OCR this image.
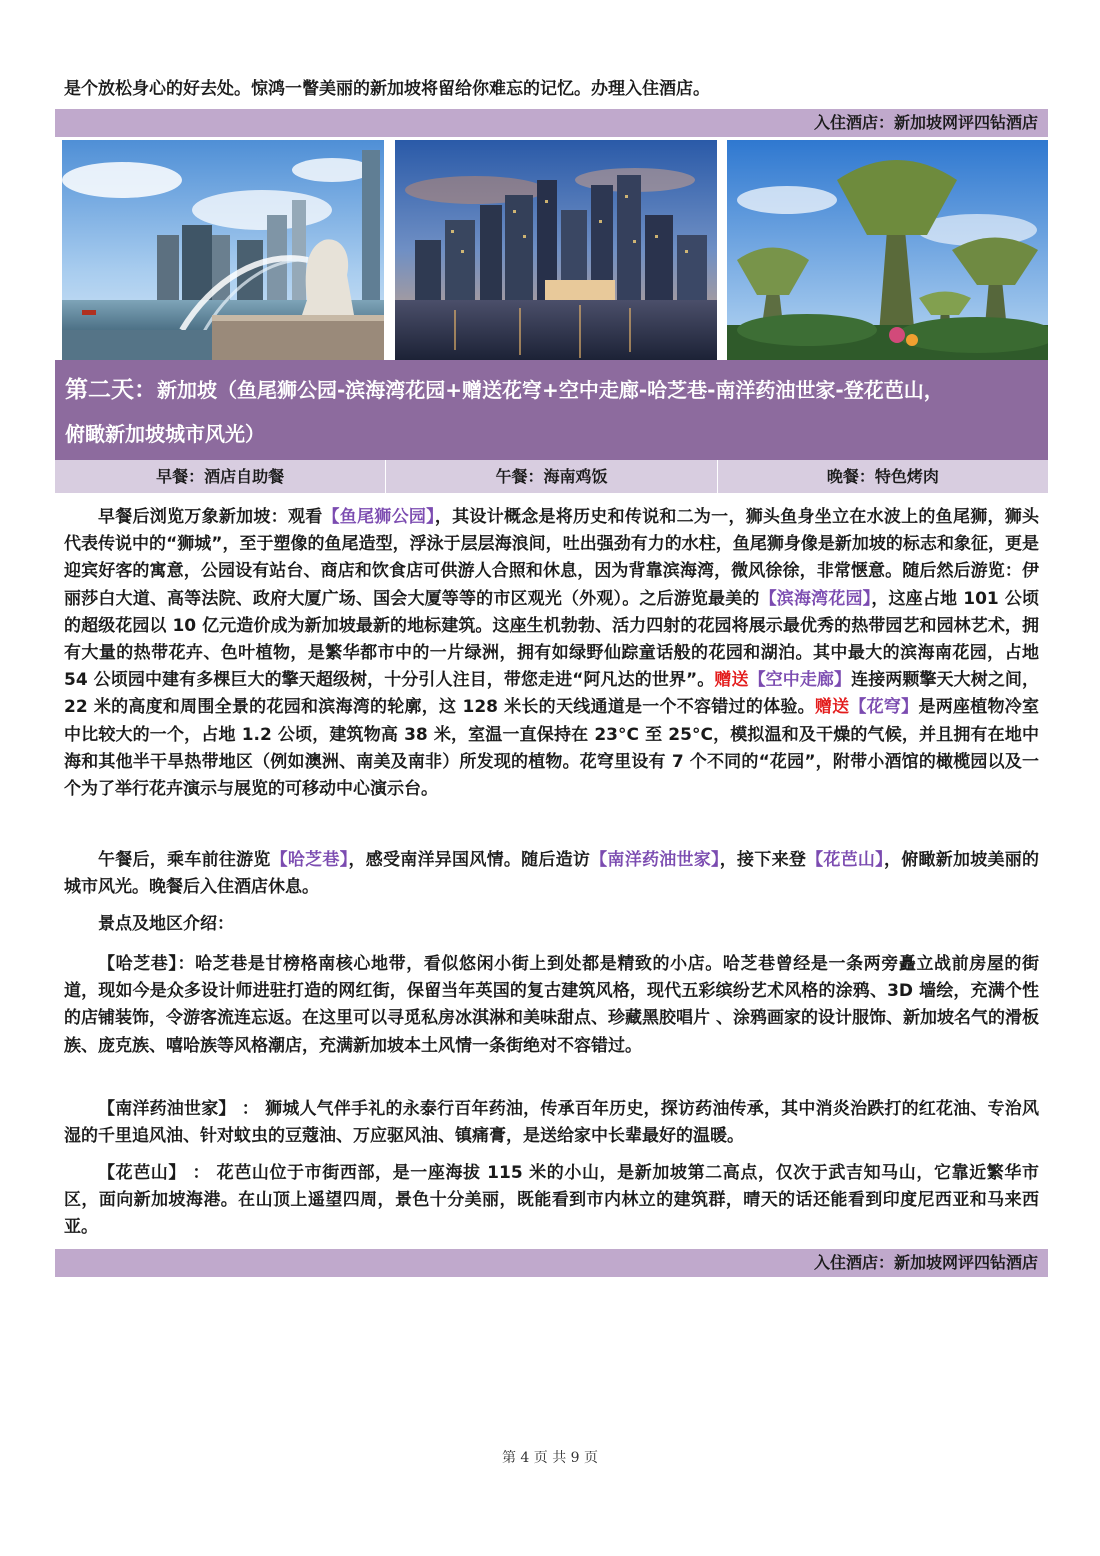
是个放松身心的好去处。惊鸿一瞥美丽的新加坡将留给你难忘的记忆。办理入住酒店。
入住酒店：新加坡网评四钻酒店
第二天：新加坡（鱼尾狮公园-滨海湾花园+赠送花穹+空中走廊-哈芝巷-南洋药油世家-登花芭山，
俯瞰新加坡城市风光）
早餐：酒店自助餐	午餐：海南鸡饭	晚餐：特色烤肉

早餐后浏览万象新加坡：观看【鱼尾狮公园】，其设计概念是将历史和传说和二为一，狮头鱼身坐立在水波上的鱼尾狮，狮头代表传说中的“狮城”，至于塑像的鱼尾造型，浮泳于层层海浪间，吐出强劲有力的水柱，鱼尾狮身像是新加坡的标志和象征，更是迎宾好客的寓意，公园设有站台、商店和饮食店可供游人合照和休息，因为背靠滨海湾，微风徐徐，非常惬意。随后然后游览：伊丽莎白大道、高等法院、政府大厦广场、国会大厦等等的市区观光（外观）。之后游览最美的【滨海湾花园】，这座占地 101 公顷的超级花园以 10 亿元造价成为新加坡最新的地标建筑。这座生机勃勃、活力四射的花园将展示最优秀的热带园艺和园林艺术，拥有大量的热带花卉、色叶植物，是繁华都市中的一片绿洲，拥有如绿野仙踪童话般的花园和湖泊。其中最大的滨海南花园，占地 54 公顷园中建有多棵巨大的擎天超级树，十分引人注目，带您走进“阿凡达的世界”。赠送【空中走廊】连接两颗擎天大树之间，22 米的高度和周围全景的花园和滨海湾的轮廓，这 128 米长的天线通道是一个不容错过的体验。赠送【花穹】是两座植物冷室中比较大的一个，占地 1.2 公顷，建筑物高 38 米，室温一直保持在 23°C 至 25°C，模拟温和及干燥的气候，并且拥有在地中海和其他半干旱热带地区（例如澳洲、南美及南非）所发现的植物。花穹里设有 7 个不同的“花园”，附带小酒馆的橄榄园以及一个为了举行花卉演示与展览的可移动中心演示台。

午餐后，乘车前往游览【哈芝巷】，感受南洋异国风情。随后造访【南洋药油世家】，接下来登【花芭山】，俯瞰新加坡美丽的城市风光。晚餐后入住酒店休息。

景点及地区介绍：

【哈芝巷】：哈芝巷是甘榜格南核心地带，看似悠闲小街上到处都是精致的小店。哈芝巷曾经是一条两旁矗立战前房屋的街道，现如今是众多设计师进驻打造的网红街，保留当年英国的复古建筑风格，现代五彩缤纷艺术风格的涂鸦、3D 墙绘，充满个性的店铺装饰，令游客流连忘返。在这里可以寻觅私房冰淇淋和美味甜点、珍藏黑胶唱片 、涂鸦画家的设计服饰、新加坡名气的滑板族、庞克族、嘻哈族等风格潮店，充满新加坡本土风情一条街绝对不容错过。

【南洋药油世家】 ： 狮城人气伴手礼的永泰行百年药油，传承百年历史，探访药油传承，其中消炎治跌打的红花油、专治风湿的千里追风油、针对蚊虫的豆蔻油、万应驱风油、镇痛膏，是送给家中长辈最好的温暖。

【花芭山】 ： 花芭山位于市街西部，是一座海拔 115 米的小山，是新加坡第二高点，仅次于武吉知马山，它靠近繁华市区，面向新加坡海港。在山顶上遥望四周，景色十分美丽，既能看到市内林立的建筑群，晴天的话还能看到印度尼西亚和马来西亚。

入住酒店：新加坡网评四钻酒店
第 4 页 共 9 页
